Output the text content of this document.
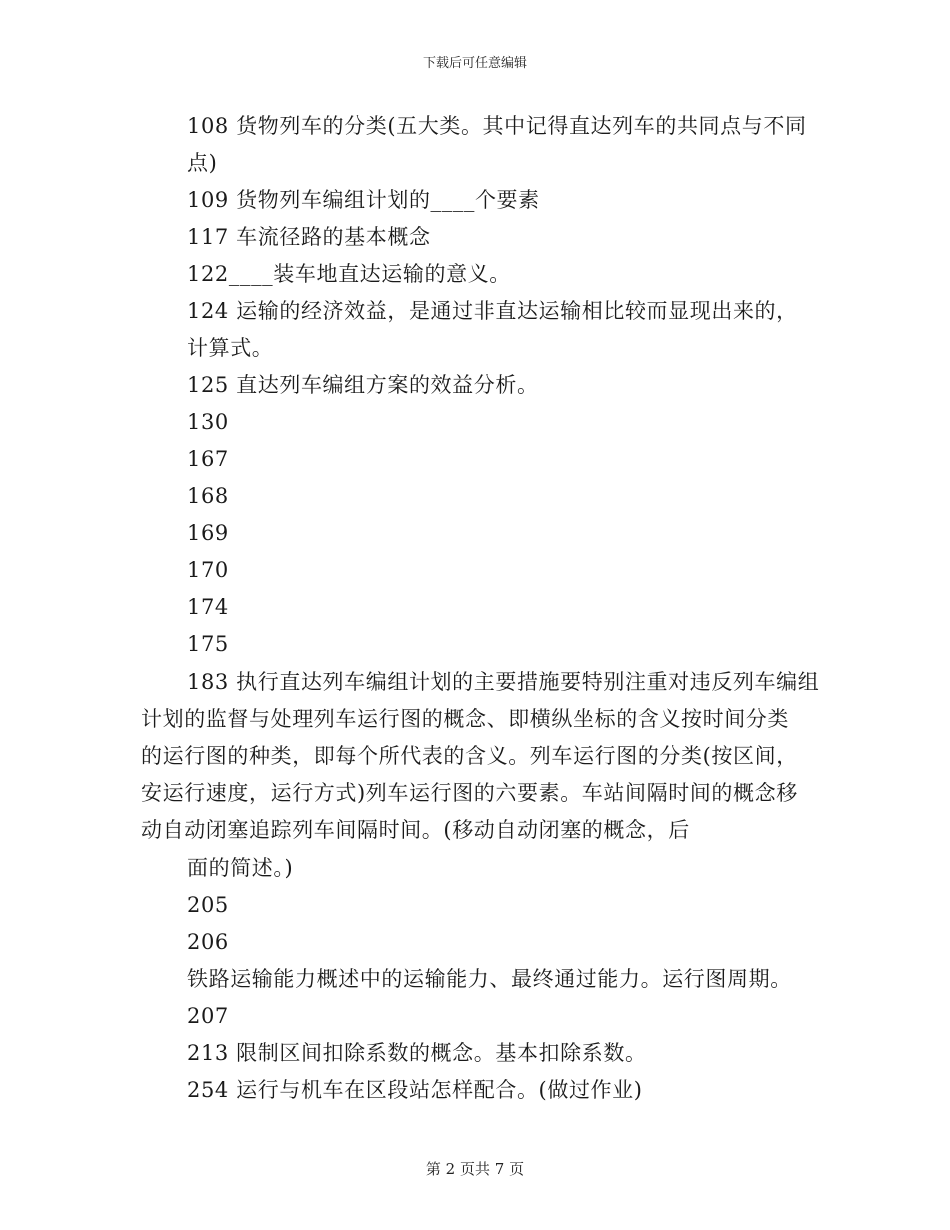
下载后可任意编辑
108 货物列车的分类(五大类。其中记得直达列车的共同点与不同
点)
109 货物列车编组计划的____个要素
117 车流径路的基本概念
122____装车地直达运输的意义。
124 运输的经济效益，是通过非直达运输相比较而显现出来的，
计算式。
125 直达列车编组方案的效益分析。
130
167
168
169
170
174
175
183 执行直达列车编组计划的主要措施要特别注重对违反列车编组
计划的监督与处理列车运行图的概念、即横纵坐标的含义按时间分类
的运行图的种类，即每个所代表的含义。列车运行图的分类(按区间，
安运行速度，运行方式)列车运行图的六要素。车站间隔时间的概念移
动自动闭塞追踪列车间隔时间。(移动自动闭塞的概念，后
面的简述。)
205
206
铁路运输能力概述中的运输能力、最终通过能力。运行图周期。
207
213 限制区间扣除系数的概念。基本扣除系数。
254 运行与机车在区段站怎样配合。(做过作业)
第 2 页共 7 页
